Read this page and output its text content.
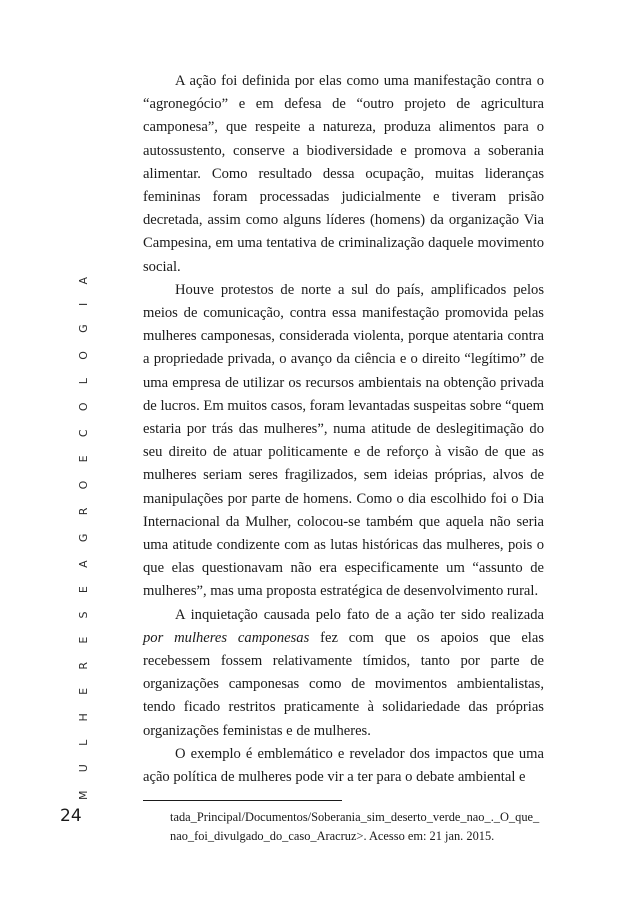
M U L H E R E S E A G R O E C O L O G I A
24

A ação foi definida por elas como uma manifestação contra o “agronegócio” e em defesa de “outro projeto de agricultura camponesa”, que respeite a natureza, produza alimentos para o autossustento, conserve a biodiversidade e promova a soberania alimentar. Como resultado dessa ocupação, muitas lideranças femininas foram processadas judicialmente e tiveram prisão decretada, assim como alguns líderes (homens) da organização Via Campesina, em uma tentativa de criminalização daquele movimento social.

Houve protestos de norte a sul do país, amplificados pelos meios de comunicação, contra essa manifestação promovida pelas mulheres camponesas, considerada violenta, porque atentaria contra a propriedade privada, o avanço da ciência e o direito “legítimo” de uma empresa de utilizar os recursos ambientais na obtenção privada de lucros. Em muitos casos, foram levantadas suspeitas sobre “quem estaria por trás das mulheres”, numa atitude de deslegitimação do seu direito de atuar politicamente e de reforço à visão de que as mulheres seriam seres fragilizados, sem ideias próprias, alvos de manipulações por parte de homens. Como o dia escolhido foi o Dia Internacional da Mulher, colocou-se também que aquela não seria uma atitude condizente com as lutas históricas das mulheres, pois o que elas questionavam não era especificamente um “assunto de mulheres”, mas uma proposta estratégica de desenvolvimento rural.

A inquietação causada pelo fato de a ação ter sido realizada por mulheres camponesas fez com que os apoios que elas recebessem fossem relativamente tímidos, tanto por parte de organizações camponesas como de movimentos ambientalistas, tendo ficado restritos praticamente à solidariedade das próprias organizações feministas e de mulheres.

O exemplo é emblemático e revelador dos impactos que uma ação política de mulheres pode vir a ter para o debate ambiental e

tada_Principal/Documentos/Soberania_sim_deserto_verde_nao_._O_que_nao_foi_divulgado_do_caso_Aracruz>. Acesso em: 21 jan. 2015.
